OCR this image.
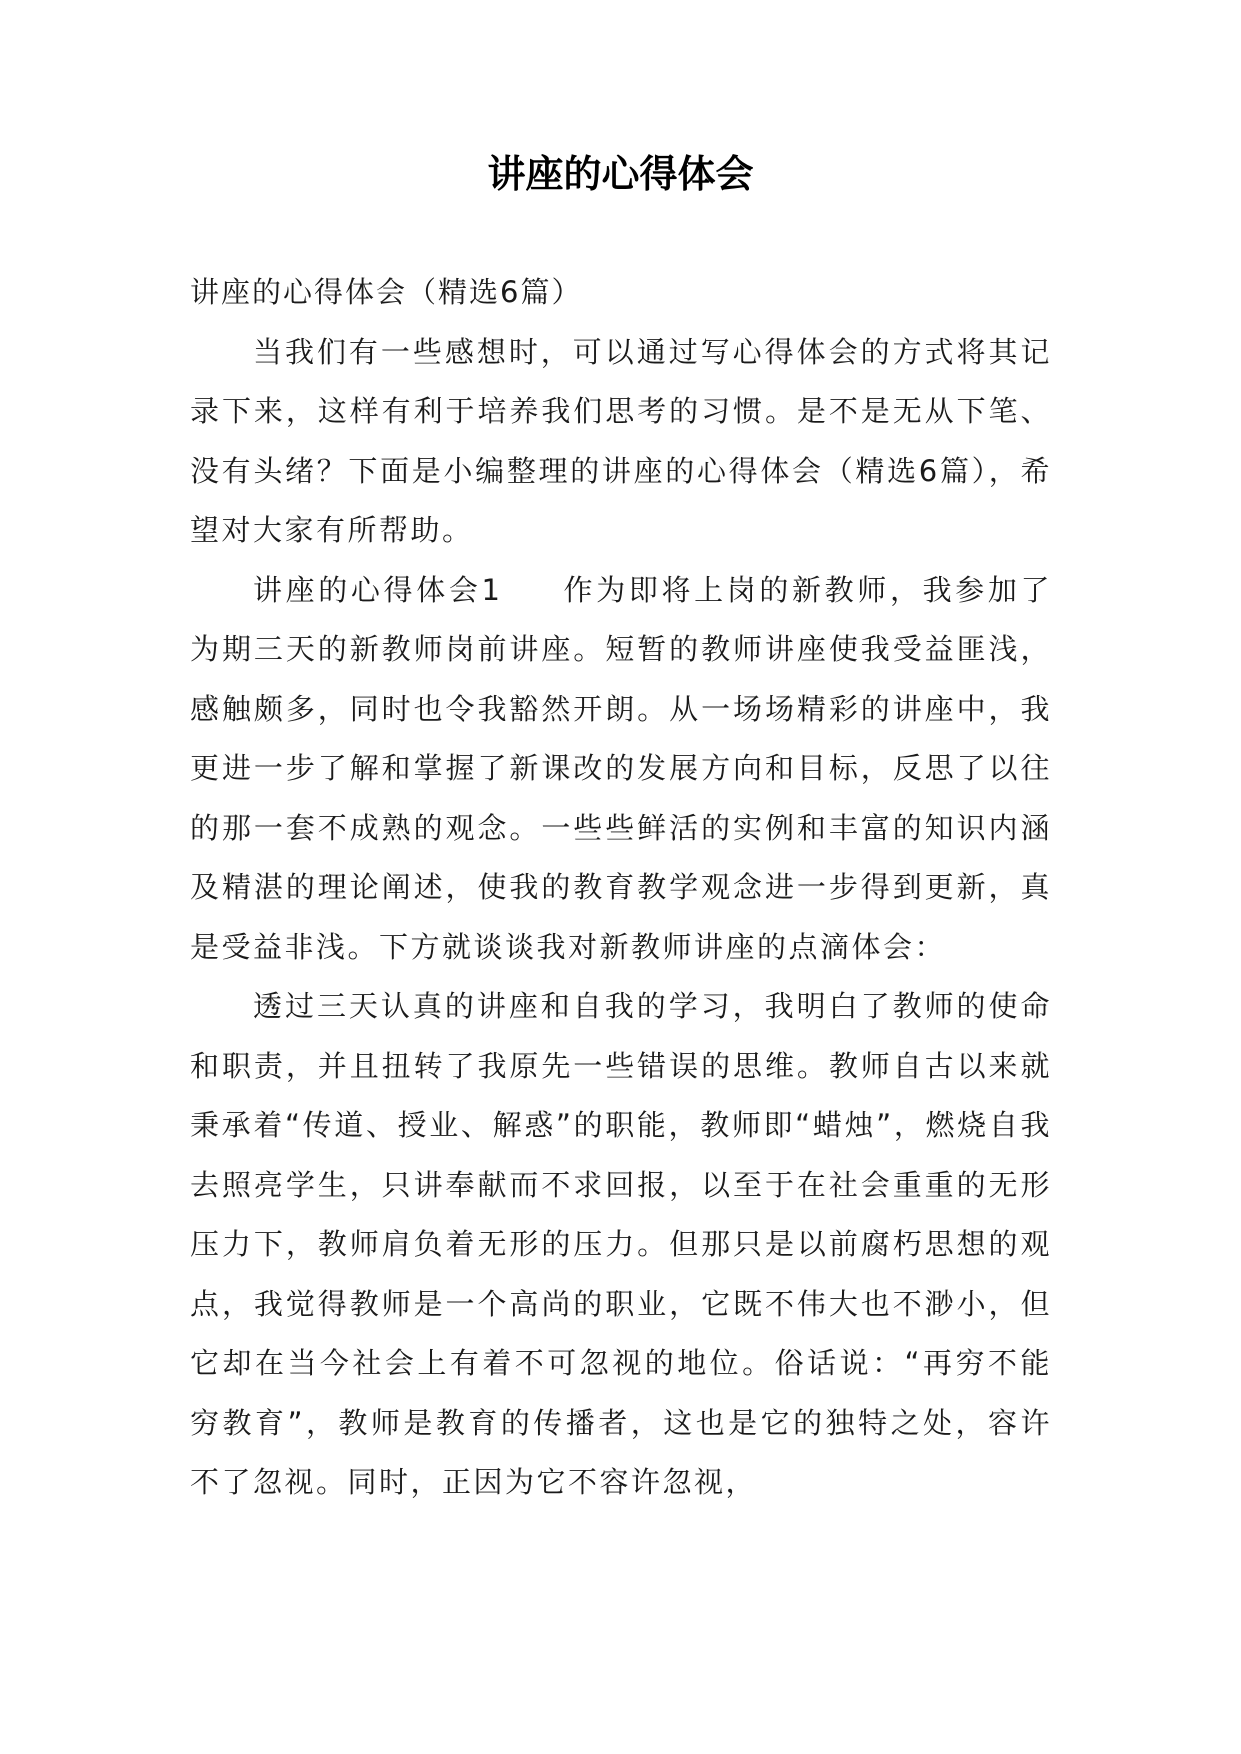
讲座的心得体会

讲座的心得体会（精选6篇）

当我们有一些感想时，可以通过写心得体会的方式将其记录下来，这样有利于培养我们思考的习惯。是不是无从下笔、没有头绪？下面是小编整理的讲座的心得体会（精选6篇），希望对大家有所帮助。

讲座的心得体会1 作为即将上岗的新教师，我参加了为期三天的新教师岗前讲座。短暂的教师讲座使我受益匪浅，感触颇多，同时也令我豁然开朗。从一场场精彩的讲座中，我更进一步了解和掌握了新课改的发展方向和目标，反思了以往的那一套不成熟的观念。一些些鲜活的实例和丰富的知识内涵及精湛的理论阐述，使我的教育教学观念进一步得到更新，真是受益非浅。下方就谈谈我对新教师讲座的点滴体会：

透过三天认真的讲座和自我的学习，我明白了教师的使命和职责，并且扭转了我原先一些错误的思维。教师自古以来就秉承着“传道、授业、解惑”的职能，教师即“蜡烛”，燃烧自我去照亮学生，只讲奉献而不求回报，以至于在社会重重的无形压力下，教师肩负着无形的压力。但那只是以前腐朽思想的观点，我觉得教师是一个高尚的职业，它既不伟大也不渺小，但它却在当今社会上有着不可忽视的地位。俗话说：“再穷不能穷教育”，教师是教育的传播者，这也是它的独特之处，容许不了忽视。同时，正因为它不容许忽视，
